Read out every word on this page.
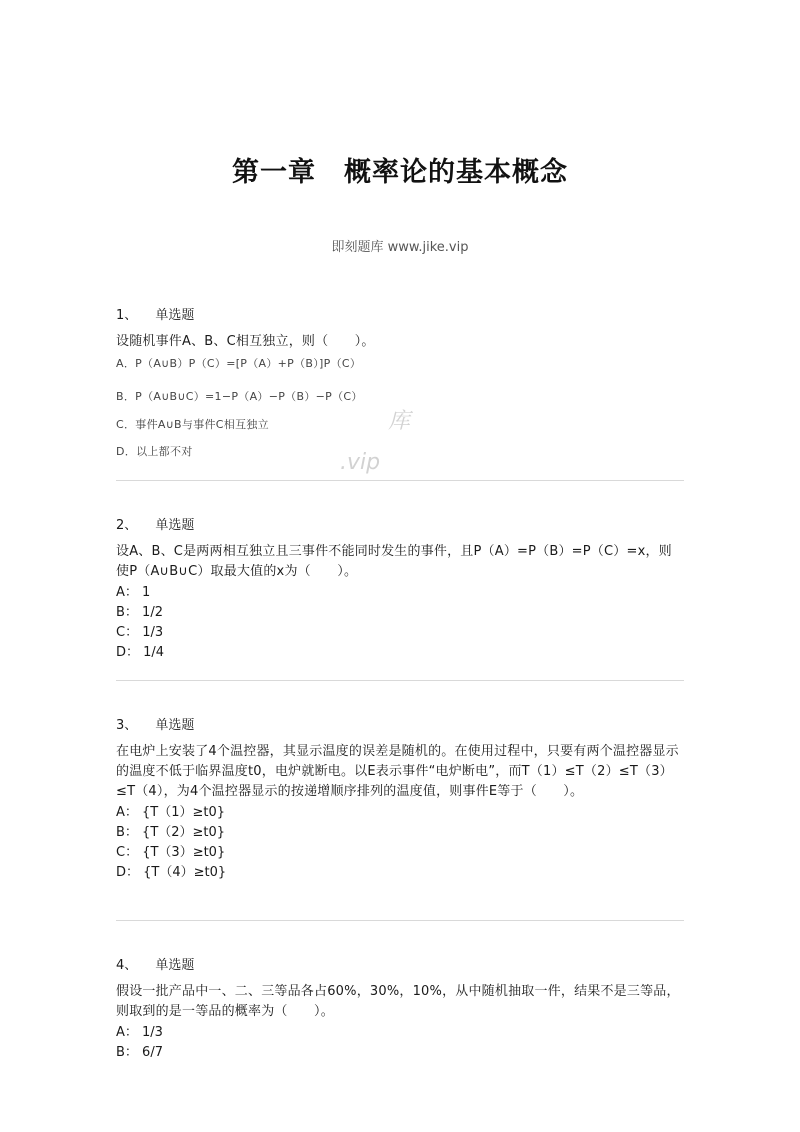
第一章　概率论的基本概念
即刻题库 www.jike.vip
1、 单选题
设随机事件A、B、C相互独立，则（　　）。
A．P（A∪B）P（C）=[P（A）+P（B）]P（C）
B．P（A∪B∪C）=1−P（A）−P（B）−P（C）
C．事件A∪B与事件C相互独立
D．以上都不对
库
.vip
2、 单选题
设A、B、C是两两相互独立且三事件不能同时发生的事件，且P（A）=P（B）=P（C）=x，则使P（A∪B∪C）取最大值的x为（　　）。
A： 1
B： 1/2
C： 1/3
D： 1/4
3、 单选题
在电炉上安装了4个温控器，其显示温度的误差是随机的。在使用过程中，只要有两个温控器显示的温度不低于临界温度t0，电炉就断电。以E表示事件“电炉断电”，而T（1）≤T（2）≤T（3）≤T（4），为4个温控器显示的按递增顺序排列的温度值，则事件E等于（　　）。
A： {T（1）≥t0}
B： {T（2）≥t0}
C： {T（3）≥t0}
D： {T（4）≥t0}
4、 单选题
假设一批产品中一、二、三等品各占60%，30%，10%，从中随机抽取一件，结果不是三等品，则取到的是一等品的概率为（　　）。
A： 1/3
B： 6/7
